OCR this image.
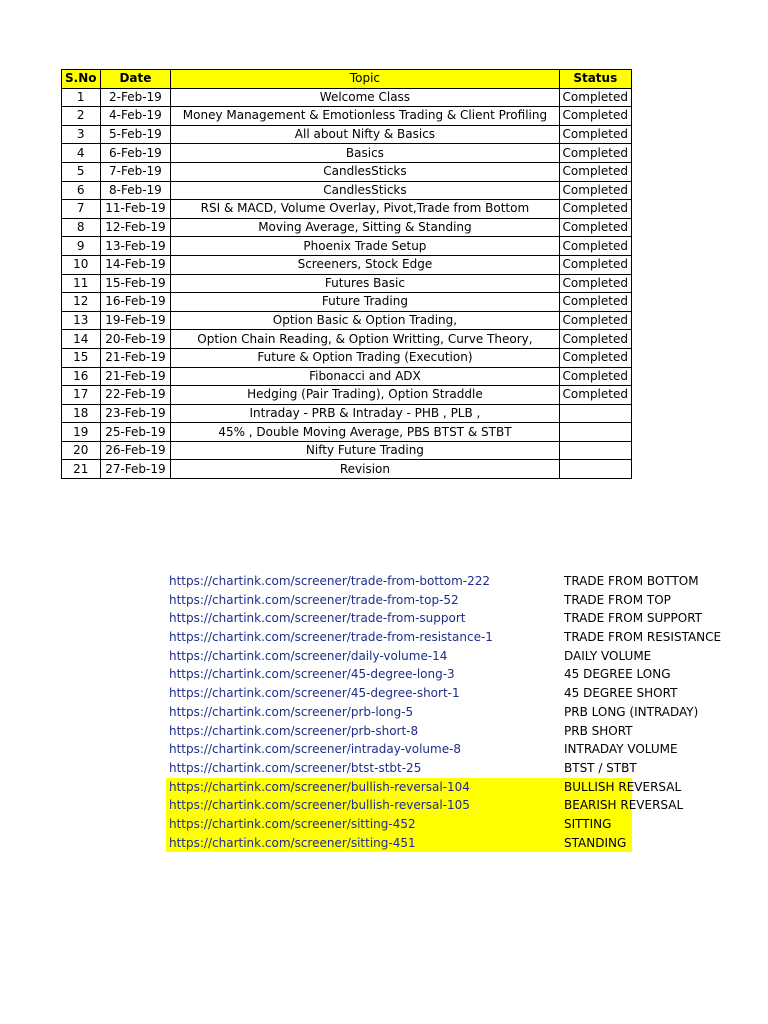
S.No	Date	Topic	Status
1	2-Feb-19	Welcome Class	Completed
2	4-Feb-19	Money Management & Emotionless Trading & Client Profiling	Completed
3	5-Feb-19	All about Nifty & Basics	Completed
4	6-Feb-19	Basics	Completed
5	7-Feb-19	CandlesSticks	Completed
6	8-Feb-19	CandlesSticks	Completed
7	11-Feb-19	RSI & MACD, Volume Overlay, Pivot,Trade from Bottom	Completed
8	12-Feb-19	Moving Average, Sitting & Standing	Completed
9	13-Feb-19	Phoenix Trade Setup	Completed
10	14-Feb-19	Screeners, Stock Edge	Completed
11	15-Feb-19	Futures Basic	Completed
12	16-Feb-19	Future Trading	Completed
13	19-Feb-19	Option Basic & Option Trading,	Completed
14	20-Feb-19	Option Chain Reading, & Option Writting, Curve Theory,	Completed
15	21-Feb-19	Future & Option Trading (Execution)	Completed
16	21-Feb-19	Fibonacci and ADX	Completed
17	22-Feb-19	Hedging (Pair Trading), Option Straddle	Completed
18	23-Feb-19	Intraday - PRB & Intraday - PHB , PLB ,	
19	25-Feb-19	45% , Double Moving Average, PBS BTST & STBT	
20	26-Feb-19	Nifty Future Trading	
21	27-Feb-19	Revision	
https://chartink.com/screener/trade-from-bottom-222	TRADE FROM BOTTOM
https://chartink.com/screener/trade-from-top-52	TRADE FROM TOP
https://chartink.com/screener/trade-from-support	TRADE FROM SUPPORT
https://chartink.com/screener/trade-from-resistance-1	TRADE FROM RESISTANCE
https://chartink.com/screener/daily-volume-14	DAILY VOLUME
https://chartink.com/screener/45-degree-long-3	45 DEGREE LONG
https://chartink.com/screener/45-degree-short-1	45 DEGREE SHORT
https://chartink.com/screener/prb-long-5	PRB LONG (INTRADAY)
https://chartink.com/screener/prb-short-8	PRB SHORT
https://chartink.com/screener/intraday-volume-8	INTRADAY VOLUME
https://chartink.com/screener/btst-stbt-25	BTST / STBT
https://chartink.com/screener/bullish-reversal-104	BULLISH REVERSAL
https://chartink.com/screener/bullish-reversal-105	BEARISH REVERSAL
https://chartink.com/screener/sitting-452	SITTING
https://chartink.com/screener/sitting-451	STANDING
